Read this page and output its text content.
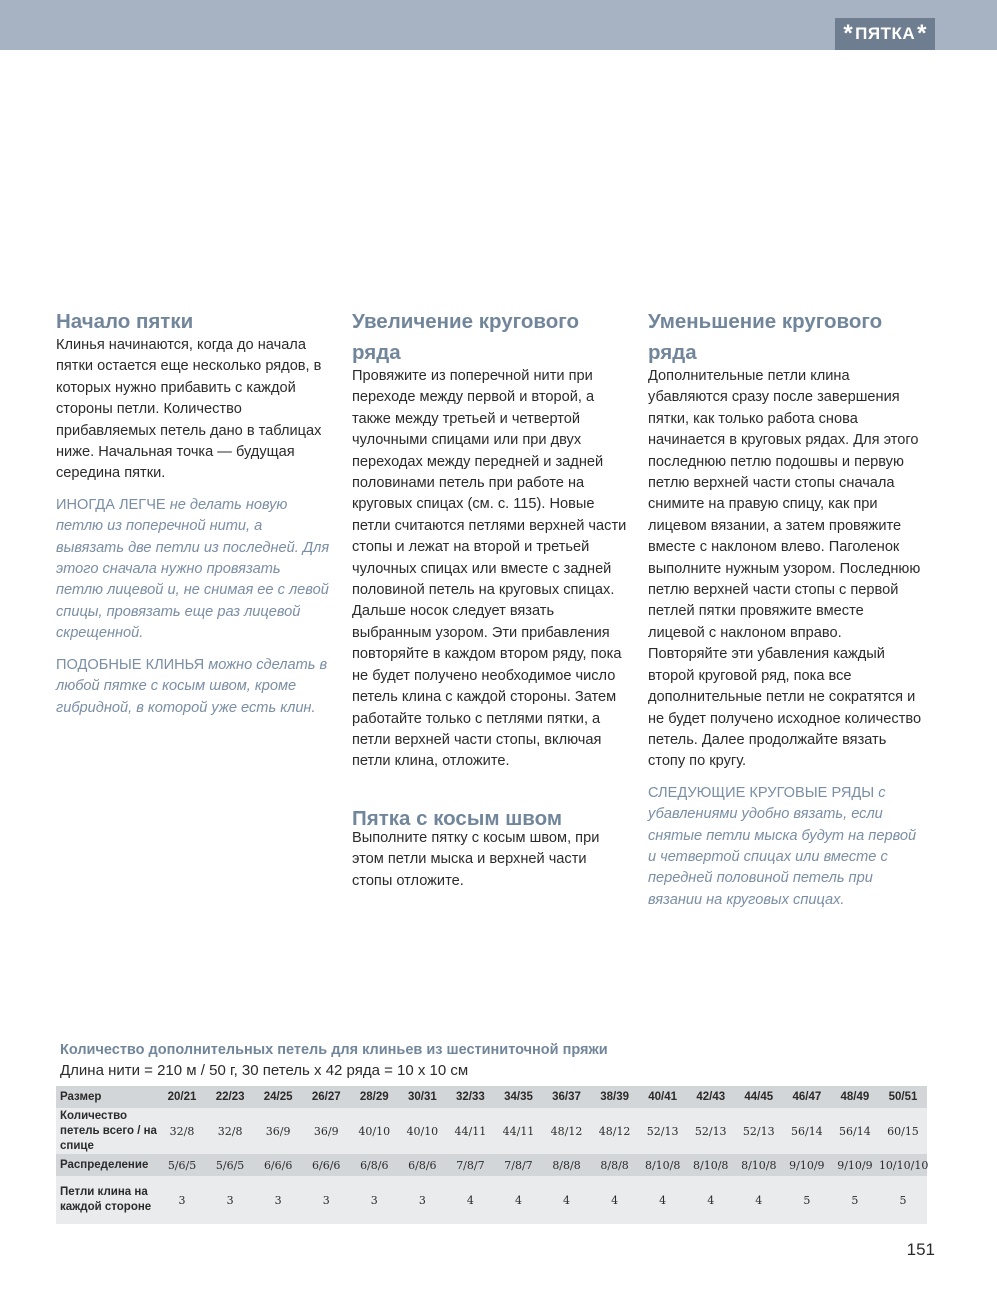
* ПЯТКА *
Начало пятки

Клинья начинаются, когда до начала пятки остается еще несколько рядов, в которых нужно прибавить с каждой стороны петли. Количество прибавляемых петель дано в таблицах ниже. Начальная точка — будущая середина пятки.

ИНОГДА ЛЕГЧЕ не делать новую петлю из поперечной нити, а вывязать две петли из последней. Для этого сначала нужно провязать петлю лицевой и, не снимая ее с левой спицы, провязать еще раз лицевой скрещенной.

ПОДОБНЫЕ КЛИНЬЯ можно сделать в любой пятке с косым швом, кроме гибридной, в которой уже есть клин.

Увеличение кругового ряда

Провяжите из поперечной нити при переходе между первой и второй, а также между третьей и четвертой чулочными спицами или при двух переходах между передней и задней половинами петель при работе на круговых спицах (см. с. 115). Новые петли считаются петлями верхней части стопы и лежат на второй и третьей чулочных спицах или вместе с задней половиной петель на круговых спицах. Дальше носок следует вязать выбранным узором. Эти прибавления повторяйте в каждом втором ряду, пока не будет получено необходимое число петель клина с каждой стороны. Затем работайте только с петлями пятки, а петли верхней части стопы, включая петли клина, отложите.

Пятка с косым швом

Выполните пятку с косым швом, при этом петли мыска и верхней части стопы отложите.

Уменьшение кругового ряда

Дополнительные петли клина убавляются сразу после завершения пятки, как только работа снова начинается в круговых рядах. Для этого последнюю петлю подошвы и первую петлю верхней части стопы сначала снимите на правую спицу, как при лицевом вязании, а затем провяжите вместе с наклоном влево. Паголенок выполните нужным узором. Последнюю петлю верхней части стопы с первой петлей пятки провяжите вместе лицевой с наклоном вправо. Повторяйте эти убавления каждый второй круговой ряд, пока все дополнительные петли не сократятся и не будет получено исходное количество петель. Далее продолжайте вязать стопу по кругу.

СЛЕДУЮЩИЕ КРУГОВЫЕ РЯДЫ с убавлениями удобно вязать, если снятые петли мыска будут на первой и четвертой спицах или вместе с передней половиной петель при вязании на круговых спицах.

Количество дополнительных петель для клиньев из шестиниточной пряжи
Длина нити = 210 м / 50 г, 30 петель х 42 ряда = 10 х 10 см
Размер	20/21	22/23	24/25	26/27	28/29	30/31	32/33	34/35	36/37	38/39	40/41	42/43	44/45	46/47	48/49	50/51
Количество петель всего / на спице	32/8	32/8	36/9	36/9	40/10	40/10	44/11	44/11	48/12	48/12	52/13	52/13	52/13	56/14	56/14	60/15
Распределение	5/6/5	5/6/5	6/6/6	6/6/6	6/8/6	6/8/6	7/8/7	7/8/7	8/8/8	8/8/8	8/10/8	8/10/8	8/10/8	9/10/9	9/10/9	10/10/10
Петли клина на каждой стороне	3	3	3	3	3	3	4	4	4	4	4	4	4	5	5	5
151
